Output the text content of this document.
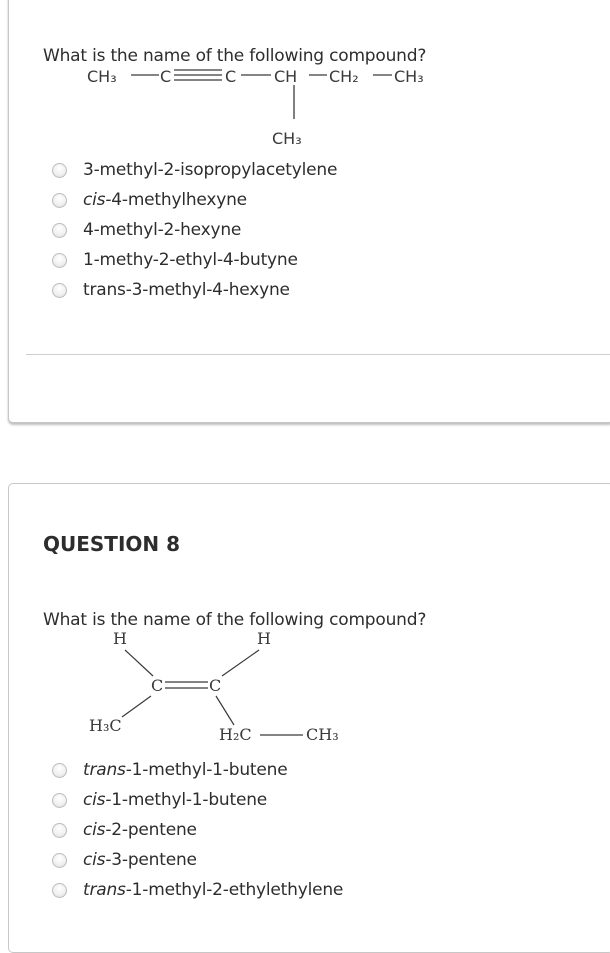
What is the name of the following compound?

CH₃	C	C CH CH₂ CH₃
CH₃
3-methyl-2-isopropylacetylene
cis-4-methylhexyne
4-methyl-2-hexyne
1-methy-2-ethyl-4-butyne
trans-3-methyl-4-hexyne
QUESTION 8

What is the name of the following compound?

H	H
C	C
H₃C	H₂C	CH₃
trans-1-methyl-1-butene
cis-1-methyl-1-butene
cis-2-pentene
cis-3-pentene
trans-1-methyl-2-ethylethylene
